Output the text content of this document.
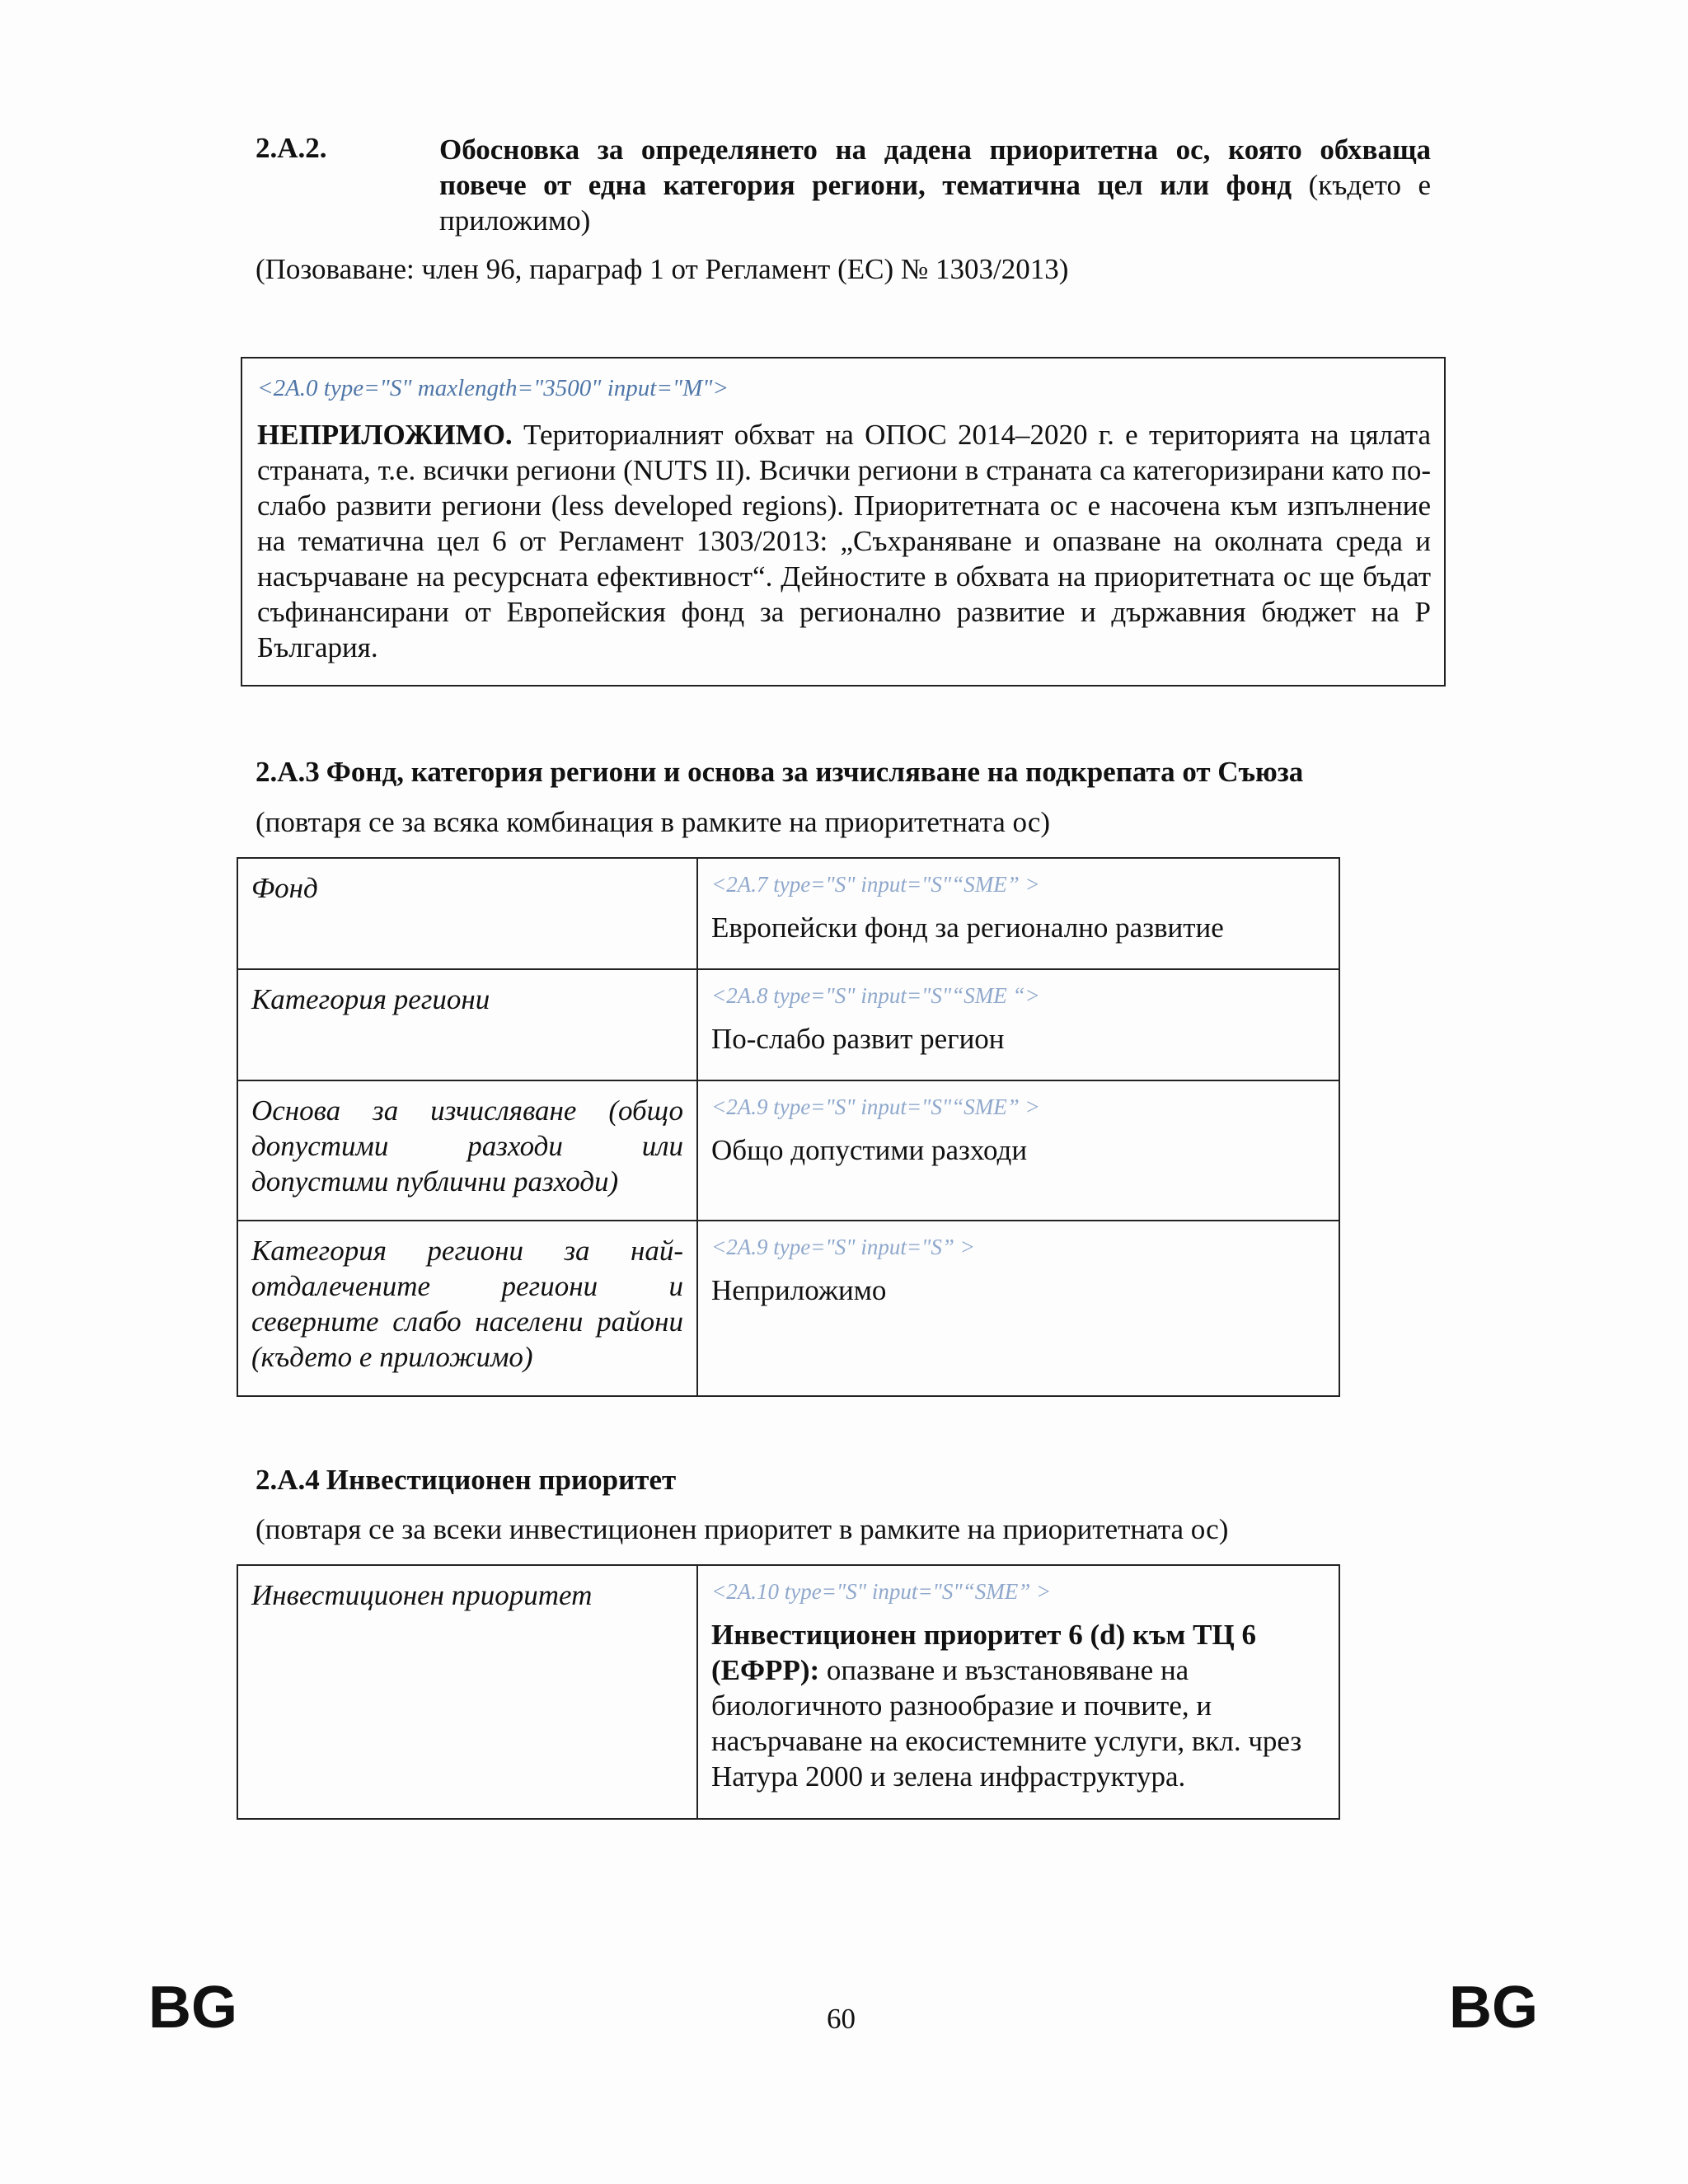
2.A.2.	Обосновка за определянето на дадена приоритетна ос, която обхваща повече от една категория региони, тематична цел или фонд (където е приложимо)
(Позоваване: член 96, параграф 1 от Регламент (ЕС) № 1303/2013)
<2A.0 type="S" maxlength="3500" input="M">
НЕПРИЛОЖИМО. Териториалният обхват на ОПОС 2014–2020 г. е територията на цялата страната, т.е. всички региони (NUTS II). Всички региони в страната са категоризирани като по-слабо развити региони (less developed regions). Приоритетната ос е насочена към изпълнение на тематична цел 6 от Регламент 1303/2013: „Съхраняване и опазване на околната среда и насърчаване на ресурсната ефективност“. Дейностите в обхвата на приоритетната ос ще бъдат съфинансирани от Европейския фонд за регионално развитие и държавния бюджет на Р България.
2.A.3 Фонд, категория региони и основа за изчисляване на подкрепата от Съюза
(повтаря се за всяка комбинация в рамките на приоритетната ос)
Фонд	<2A.7 type="S" input="S"“SME” >
Европейски фонд за регионално развитие
Категория региони	<2A.8 type="S" input="S"“SME “>
По-слабо развит регион
Основа за изчисляване (общо допустими разходи или допустими публични разходи)	<2A.9 type="S" input="S"“SME” >
Общо допустими разходи
Категория региони за най-отдалечените региони и северните слабо населени райони (където е приложимо)	<2A.9 type="S" input="S” >
Неприложимо
2.A.4 Инвестиционен приоритет
(повтаря се за всеки инвестиционен приоритет в рамките на приоритетната ос)
Инвестиционен приоритет	<2A.10 type="S" input="S"“SME” >
Инвестиционен приоритет 6 (d) към ТЦ 6 (ЕФРР): опазване и възстановяване на биологичното разнообразие и почвите, и насърчаване на екосистемните услуги, вкл. чрез Натура 2000 и зелена инфраструктура.
BG	60	BG
